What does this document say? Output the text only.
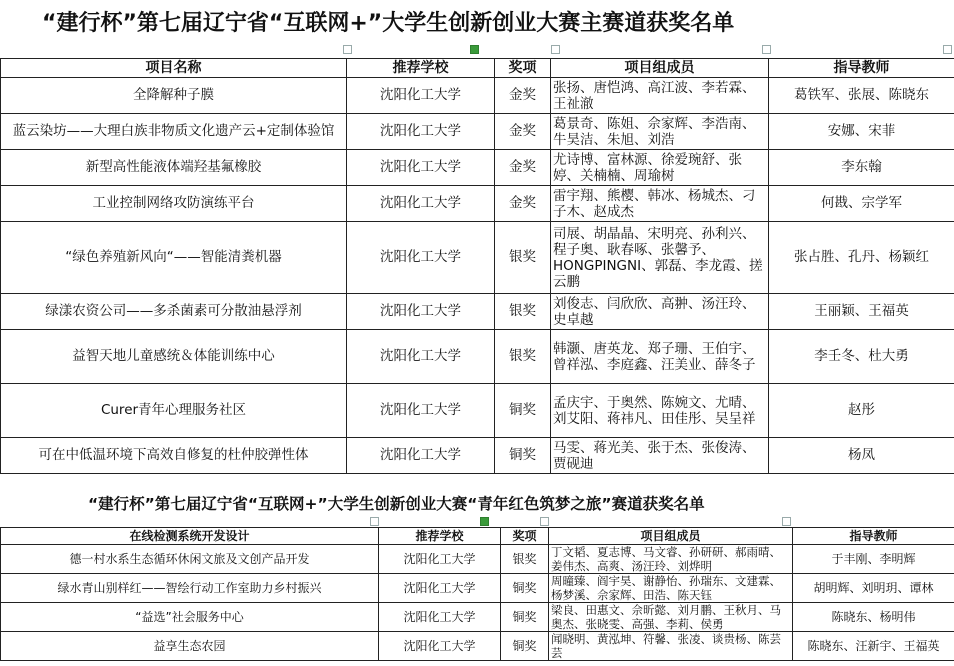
“建行杯”第七届辽宁省“互联网+”大学生创新创业大赛主赛道获奖名单
项目名称	推荐学校	奖项	项目组成员	指导教师
全降解种子膜	沈阳化工大学	金奖	张扬、唐恺鸿、高江波、李若霖、王祉澈	葛铁军、张展、陈晓东
蓝云染坊——大理白族非物质文化遗产云+定制体验馆	沈阳化工大学	金奖	葛景奇、陈姐、佘家辉、李浩南、牛昊洁、朱旭、刘浩	安娜、宋菲
新型高性能液体端羟基氟橡胶	沈阳化工大学	金奖	尤诗博、富林源、徐爱琬舒、张婷、关楠楠、周瑜树	李东翰
工业控制网络攻防演练平台	沈阳化工大学	金奖	雷宇翔、熊樱、韩冰、杨城杰、刁子木、赵成杰	何戡、宗学军
“绿色养殖新风向“——智能清粪机器	沈阳化工大学	银奖	司展、胡晶晶、宋明亮、孙利兴、程子奥、耿春啄、张馨予、HONGPINGNI、郭磊、李龙霞、搓云鹏	张占胜、孔丹、杨颖红
绿漾农资公司——多杀菌素可分散油悬浮剂	沈阳化工大学	银奖	刘俊志、闫欣欣、高翀、汤汪玲、史卓越	王丽颖、王福英
益智天地儿童感统＆体能训练中心	沈阳化工大学	银奖	韩灏、唐英龙、郑子珊、王伯宇、曾祥泓、李庭鑫、汪美业、薛冬子	李壬冬、杜大勇
Curer青年心理服务社区	沈阳化工大学	铜奖	孟庆宇、于奥然、陈婉文、尤晴、刘艾阳、蒋祎凡、田佳彤、吴呈祥	赵彤
可在中低温环境下高效自修复的杜仲胶弹性体	沈阳化工大学	铜奖	马雯、蒋光美、张于杰、张俊涛、贾砚迪	杨凤
“建行杯”第七届辽宁省“互联网+”大学生创新创业大赛“青年红色筑梦之旅”赛道获奖名单
在线检测系统开发设计	推荐学校	奖项	项目组成员	指导教师
德一村水系生态循环休闲文旅及文创产品开发	沈阳化工大学	银奖	丁文韬、夏志博、马文睿、孙研研、郝雨晴、姜伟杰、高爽、汤汪玲、刘烨明	于丰刚、李明辉
绿水青山别样红——智绘行动工作室助力乡村振兴	沈阳化工大学	铜奖	周曈臻、阎宇昊、谢静怡、孙瑞东、文建霖、杨梦溪、佘家辉、田浩、陈天钰	胡明辉、刘明玥、谭林
“益选”社会服务中心	沈阳化工大学	铜奖	梁良、田惠文、佘昕懿、刘月鹏、王秋月、马奥杰、张晓雯、高强、李莉、侯勇	陈晓东、杨明伟
益享生态农园	沈阳化工大学	铜奖	闻晓明、黄泓坤、符馨、张凌、谈贵杨、陈芸芸	陈晓东、汪新宇、王福英
